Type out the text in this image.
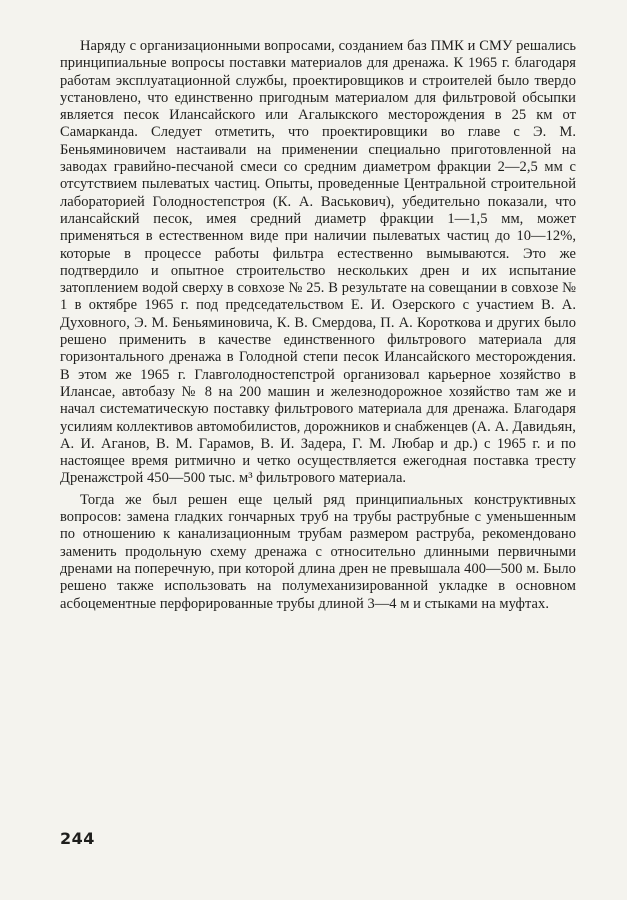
Наряду с организационными вопросами, созданием баз ПМК и СМУ решались принципиальные вопросы поставки материалов для дренажа. К 1965 г. благодаря работам эксплуатационной службы, проектировщиков и строителей было твердо установлено, что единственно пригодным материалом для фильтровой обсыпки является песок Илансайского или Агалыкского месторождения в 25 км от Самарканда. Следует отметить, что проектировщики во главе с Э. М. Беньяминовичем настаивали на применении специально приготовленной на заводах гравийно-песчаной смеси со средним диаметром фракции 2—2,5 мм с отсутствием пылеватых частиц. Опыты, проведенные Центральной строительной лабораторией Голодностепстроя (К. А. Васькович), убедительно показали, что илансайский песок, имея средний диаметр фракции 1—1,5 мм, может применяться в естественном виде при наличии пылеватых частиц до 10—12%, которые в процессе работы фильтра естественно вымываются. Это же подтвердило и опытное строительство нескольких дрен и их испытание затоплением водой сверху в совхозе № 25. В результате на совещании в совхозе № 1 в октябре 1965 г. под председательством Е. И. Озерского с участием В. А. Духовного, Э. М. Беньяминовича, К. В. Смердова, П. А. Короткова и других было решено применить в качестве единственного фильтрового материала для горизонтального дренажа в Голодной степи песок Илансайского месторождения. В этом же 1965 г. Главголодностепстрой организовал карьерное хозяйство в Илансае, автобазу № 8 на 200 машин и железнодорожное хозяйство там же и начал систематическую поставку фильтрового материала для дренажа. Благодаря усилиям коллективов автомобилистов, дорожников и снабженцев (А. А. Давидьян, А. И. Аганов, В. М. Гарамов, В. И. Задера, Г. М. Любар и др.) с 1965 г. и по настоящее время ритмично и четко осуществляется ежегодная поставка тресту Дренажстрой 450—500 тыс. м³ фильтрового материала.

Тогда же был решен еще целый ряд принципиальных конструктивных вопросов: замена гладких гончарных труб на трубы раструбные с уменьшенным по отношению к канализационным трубам размером раструба, рекомендовано заменить продольную схему дренажа с относительно длинными первичными дренами на поперечную, при которой длина дрен не превышала 400—500 м. Было решено также использовать на полумеханизированной укладке в основном асбоцементные перфорированные трубы длиной 3—4 м и стыками на муфтах.

244
